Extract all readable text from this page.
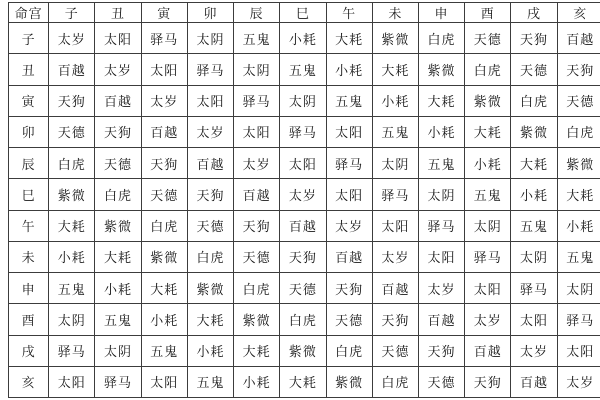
命宫	子	丑	寅	卯	辰	巳	午	未	申	酉	戌	亥
子	太岁	太阳	驿马	太阴	五鬼	小耗	大耗	紫微	白虎	天德	天狗	百越
丑	百越	太岁	太阳	驿马	太阴	五鬼	小耗	大耗	紫微	白虎	天德	天狗
寅	天狗	百越	太岁	太阳	驿马	太阴	五鬼	小耗	大耗	紫微	白虎	天德
卯	天德	天狗	百越	太岁	太阳	驿马	太阳	五鬼	小耗	大耗	紫微	白虎
辰	白虎	天德	天狗	百越	太岁	太阳	驿马	太阴	五鬼	小耗	大耗	紫微
巳	紫微	白虎	天德	天狗	百越	太岁	太阳	驿马	太阴	五鬼	小耗	大耗
午	大耗	紫微	白虎	天德	天狗	百越	太岁	太阳	驿马	太阴	五鬼	小耗
未	小耗	大耗	紫微	白虎	天德	天狗	百越	太岁	太阳	驿马	太阴	五鬼
申	五鬼	小耗	大耗	紫微	白虎	天德	天狗	百越	太岁	太阳	驿马	太阴
酉	太阴	五鬼	小耗	大耗	紫微	白虎	天德	天狗	百越	太岁	太阳	驿马
戌	驿马	太阴	五鬼	小耗	大耗	紫微	白虎	天德	天狗	百越	太岁	太阳
亥	太阳	驿马	太阳	五鬼	小耗	大耗	紫微	白虎	天德	天狗	百越	太岁
